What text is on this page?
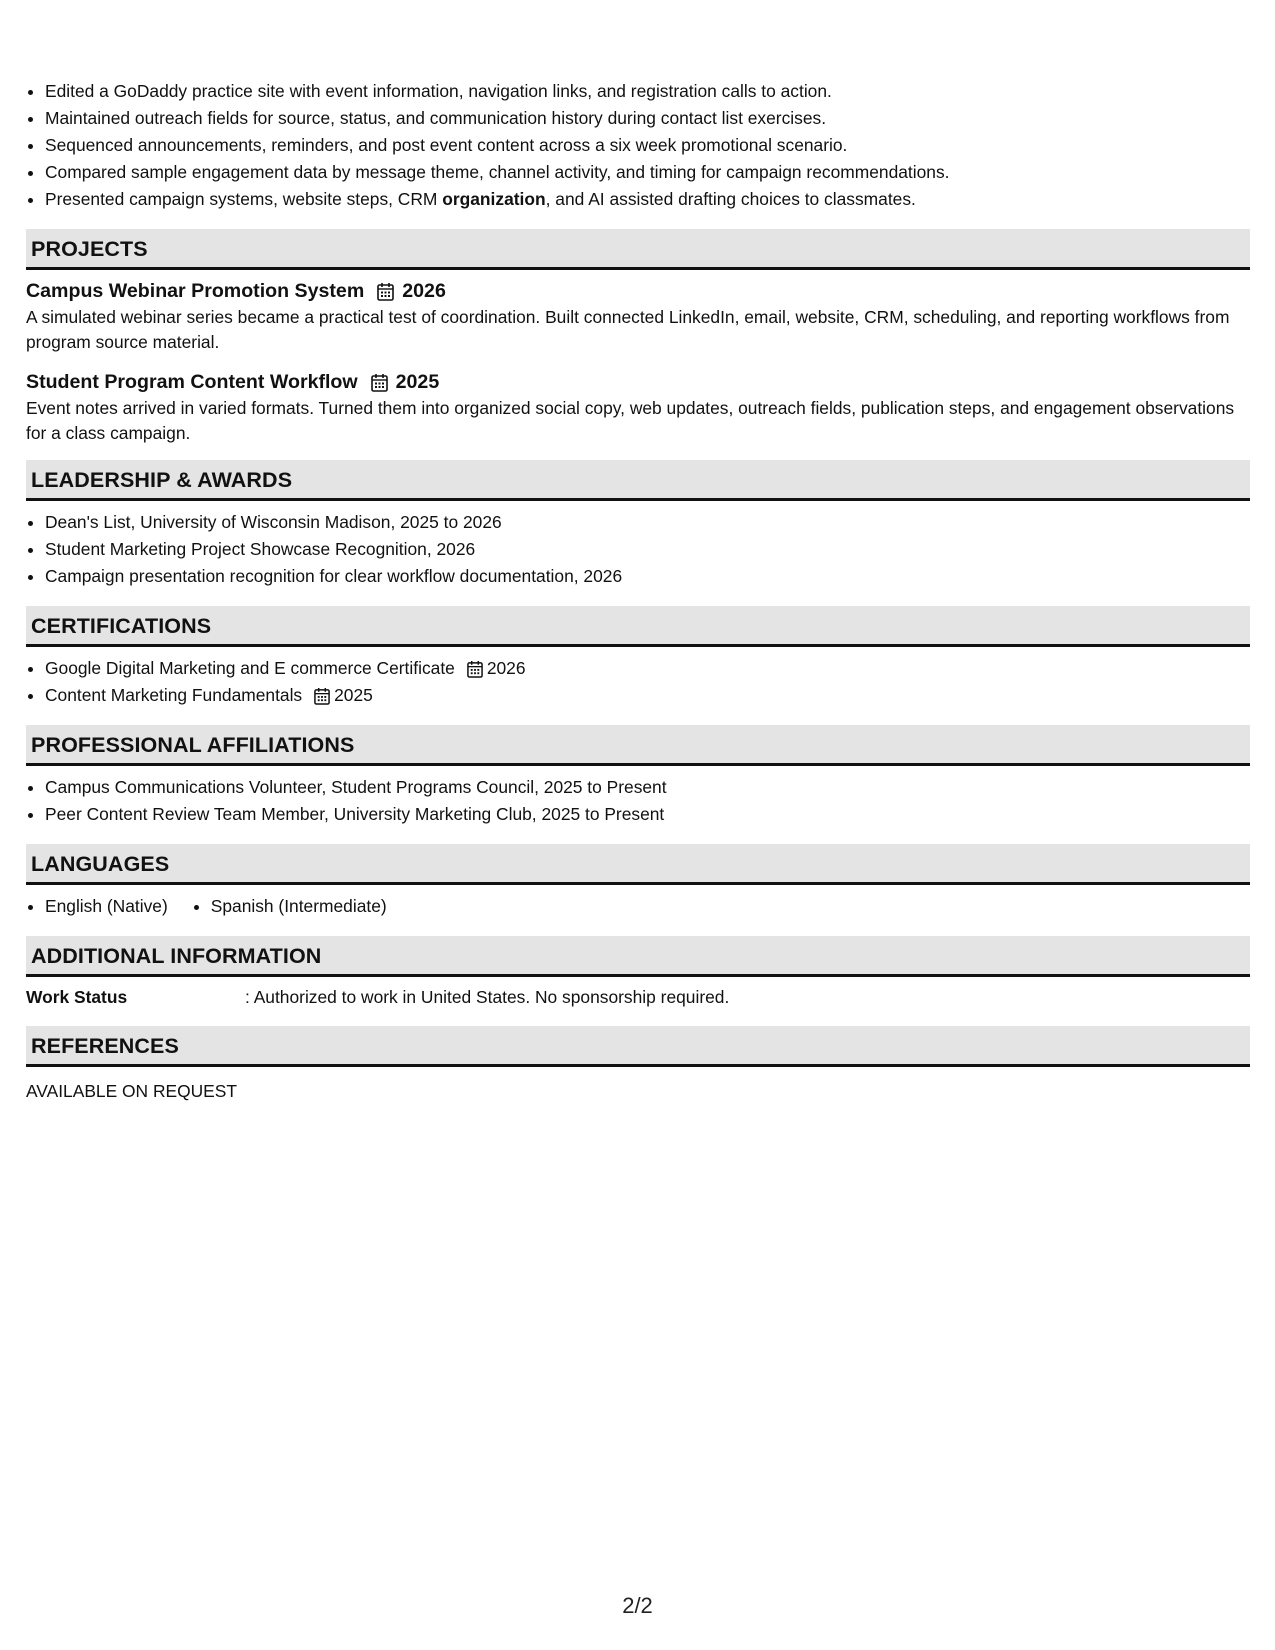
Edited a GoDaddy practice site with event information, navigation links, and registration calls to action.
Maintained outreach fields for source, status, and communication history during contact list exercises.
Sequenced announcements, reminders, and post event content across a six week promotional scenario.
Compared sample engagement data by message theme, channel activity, and timing for campaign recommendations.
Presented campaign systems, website steps, CRM organization, and AI assisted drafting choices to classmates.
PROJECTS
Campus Webinar Promotion System 2026

A simulated webinar series became a practical test of coordination. Built connected LinkedIn, email, website, CRM, scheduling, and reporting workflows from program source material.

Student Program Content Workflow 2025

Event notes arrived in varied formats. Turned them into organized social copy, web updates, outreach fields, publication steps, and engagement observations for a class campaign.

LEADERSHIP & AWARDS
Dean's List, University of Wisconsin Madison, 2025 to 2026
Student Marketing Project Showcase Recognition, 2026
Campaign presentation recognition for clear workflow documentation, 2026
CERTIFICATIONS
Google Digital Marketing and E commerce Certificate 2026
Content Marketing Fundamentals 2025
PROFESSIONAL AFFILIATIONS
Campus Communications Volunteer, Student Programs Council, 2025 to Present
Peer Content Review Team Member, University Marketing Club, 2025 to Present
LANGUAGES
English (Native)	Spanish (Intermediate)
ADDITIONAL INFORMATION
Work Status	: Authorized to work in United States. No sponsorship required.
REFERENCES

AVAILABLE ON REQUEST

2/2
